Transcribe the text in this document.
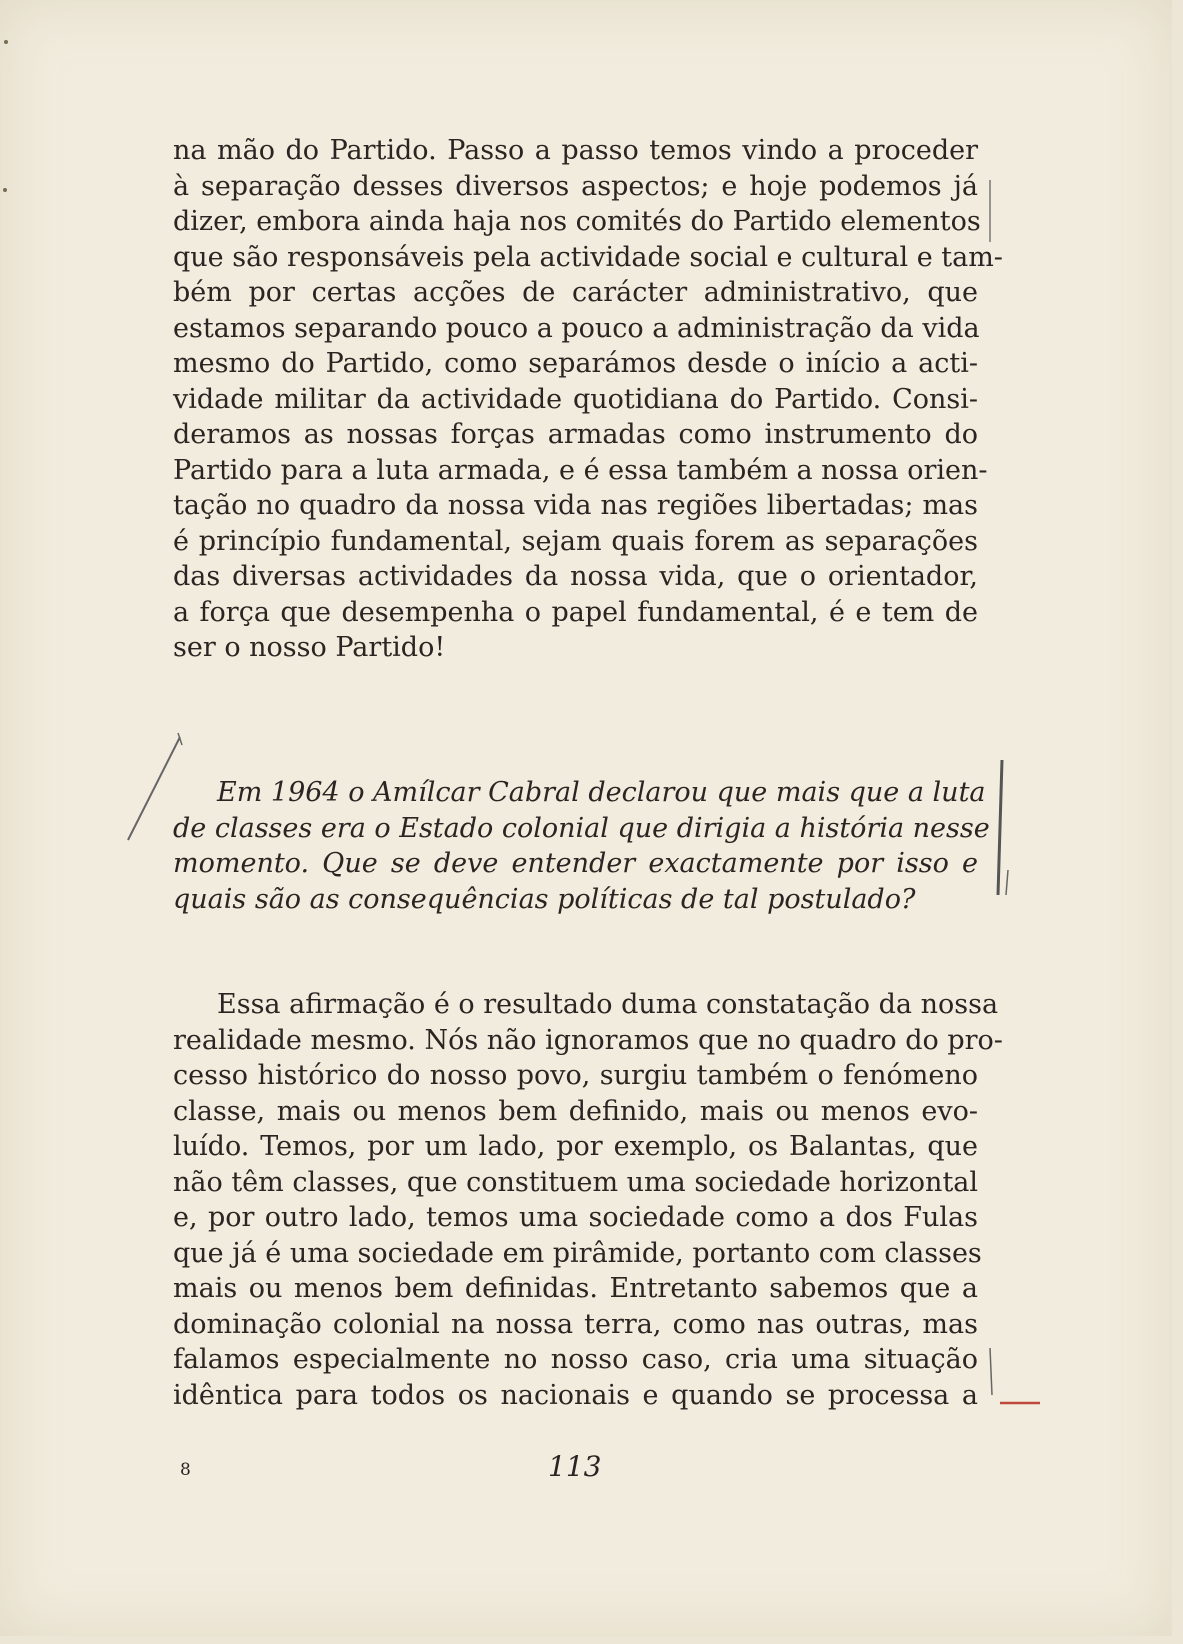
na mão do Partido. Passo a passo temos vindo a proceder
à separação desses diversos aspectos; e hoje podemos já
dizer, embora ainda haja nos comités do Partido elementos
que são responsáveis pela actividade social e cultural e tam-
bém por certas acções de carácter administrativo, que
estamos separando pouco a pouco a administração da vida
mesmo do Partido, como separámos desde o início a acti-
vidade militar da actividade quotidiana do Partido. Consi-
deramos as nossas forças armadas como instrumento do
Partido para a luta armada, e é essa também a nossa orien-
tação no quadro da nossa vida nas regiões libertadas; mas
é princípio fundamental, sejam quais forem as separações
das diversas actividades da nossa vida, que o orientador,
a força que desempenha o papel fundamental, é e tem de
ser o nosso Partido!
Em 1964 o Amílcar Cabral declarou que mais que a luta
de classes era o Estado colonial que dirigia a história nesse
momento. Que se deve entender exactamente por isso e
quais são as consequências políticas de tal postulado?
Essa afirmação é o resultado duma constatação da nossa
realidade mesmo. Nós não ignoramos que no quadro do pro-
cesso histórico do nosso povo, surgiu também o fenómeno
classe, mais ou menos bem definido, mais ou menos evo-
luído. Temos, por um lado, por exemplo, os Balantas, que
não têm classes, que constituem uma sociedade horizontal
e, por outro lado, temos uma sociedade como a dos Fulas
que já é uma sociedade em pirâmide, portanto com classes
mais ou menos bem definidas. Entretanto sabemos que a
dominação colonial na nossa terra, como nas outras, mas
falamos especialmente no nosso caso, cria uma situação
idêntica para todos os nacionais e quando se processa a
8	113
